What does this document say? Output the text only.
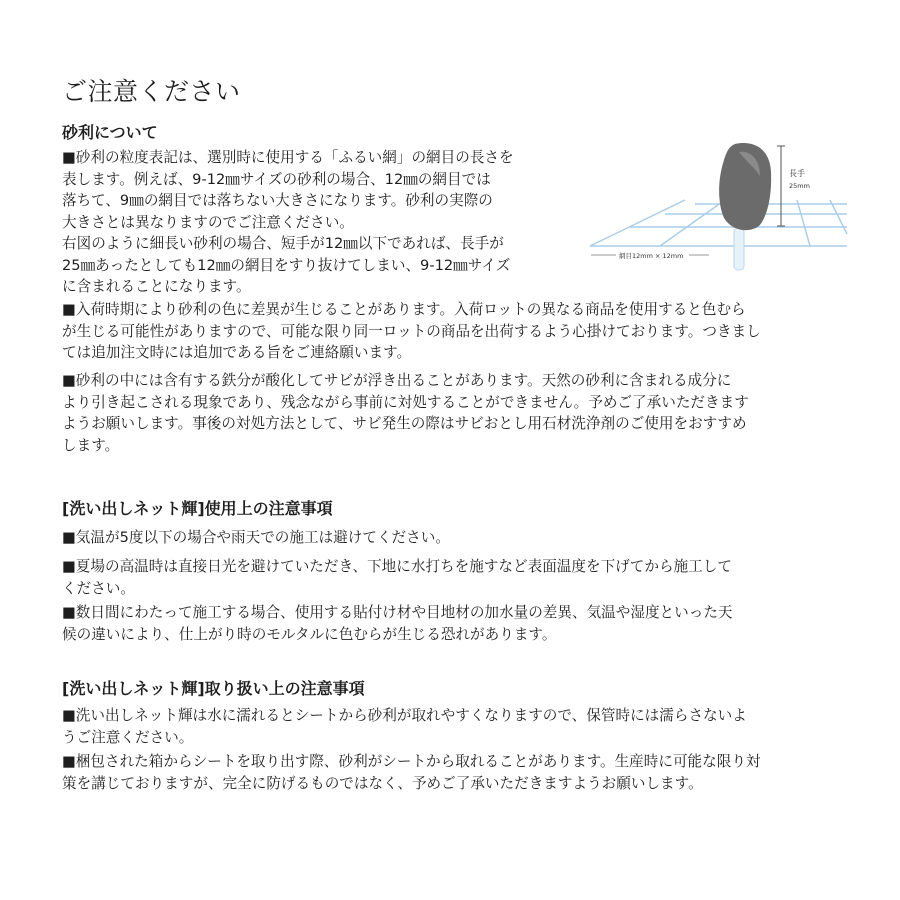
ご注意ください
砂利について
■砂利の粒度表記は、選別時に使用する「ふるい網」の網目の長さを
表します。例えば、9-12㎜サイズの砂利の場合、12㎜の網目では
落ちて、9㎜の網目では落ちない大きさになります。砂利の実際の
大きさとは異なりますのでご注意ください。
右図のように細長い砂利の場合、短手が12㎜以下であれば、長手が
25㎜あったとしても12㎜の網目をすり抜けてしまい、9-12㎜サイズ
に含まれることになります。
長手
25mm
網目12mm × 12mm
■入荷時期により砂利の色に差異が生じることがあります。入荷ロットの異なる商品を使用すると色むら
が生じる可能性がありますので、可能な限り同一ロットの商品を出荷するよう心掛けております。つきまし
ては追加注文時には追加である旨をご連絡願います。
■砂利の中には含有する鉄分が酸化してサビが浮き出ることがあります。天然の砂利に含まれる成分に
より引き起こされる現象であり、残念ながら事前に対処することができません。予めご了承いただきます
ようお願いします。事後の対処方法として、サビ発生の際はサビおとし用石材洗浄剤のご使用をおすすめ
します。
[洗い出しネット輝]使用上の注意事項
■気温が5度以下の場合や雨天での施工は避けてください。
■夏場の高温時は直接日光を避けていただき、下地に水打ちを施すなど表面温度を下げてから施工して
ください。
■数日間にわたって施工する場合、使用する貼付け材や目地材の加水量の差異、気温や湿度といった天
候の違いにより、仕上がり時のモルタルに色むらが生じる恐れがあります。
[洗い出しネット輝]取り扱い上の注意事項
■洗い出しネット輝は水に濡れるとシートから砂利が取れやすくなりますので、保管時には濡らさないよ
うご注意ください。
■梱包された箱からシートを取り出す際、砂利がシートから取れることがあります。生産時に可能な限り対
策を講じておりますが、完全に防げるものではなく、予めご了承いただきますようお願いします。
